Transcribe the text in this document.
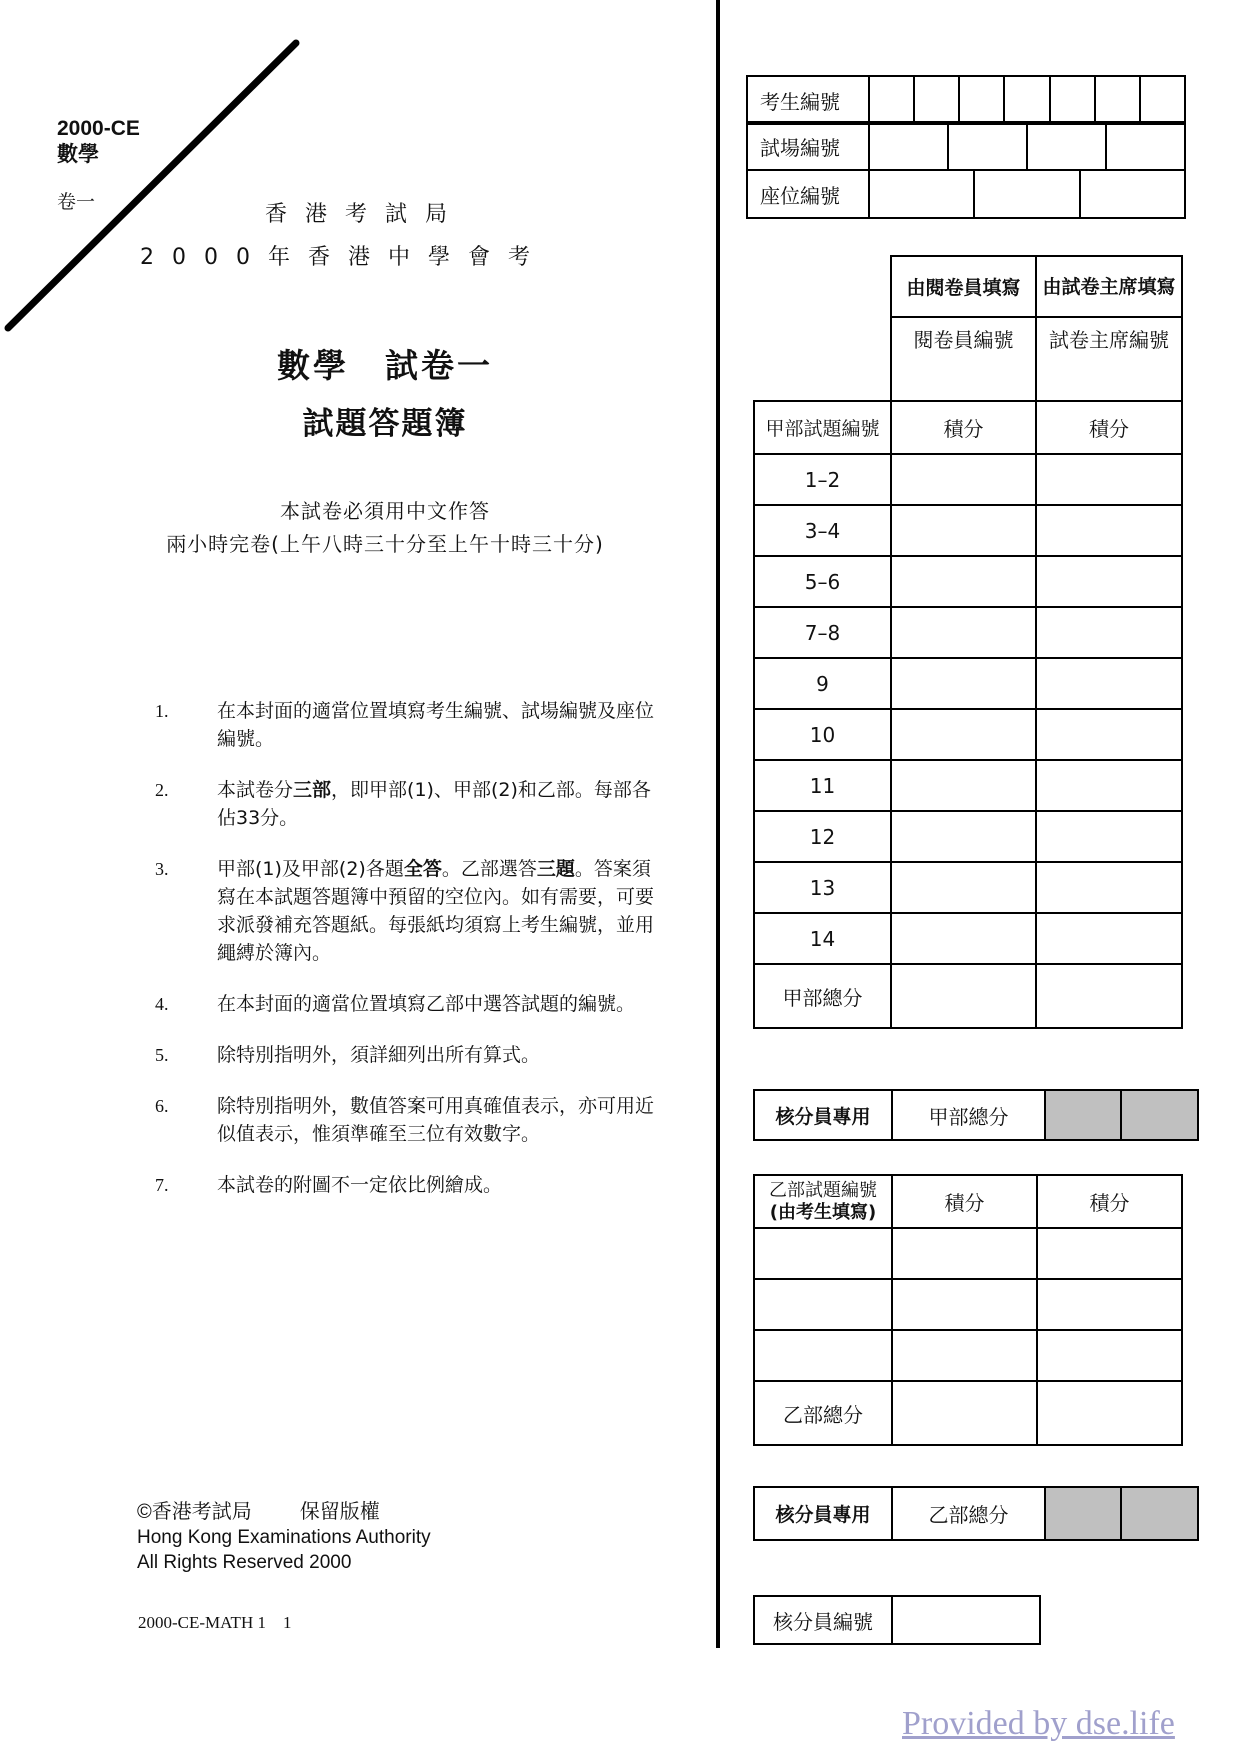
2000-CE
數學
卷一	香港考試局
2000年香港中學會考
數學　試卷一
試題答題簿
本試卷必須用中文作答
兩小時完卷(上午八時三十分至上午十時三十分)
1.	在本封面的適當位置填寫考生編號、試場編號及座位編號。
2.	本試卷分三部，即甲部(1)、甲部(2)和乙部。每部各佔33分。
3.	甲部(1)及甲部(2)各題全答。乙部選答三題。答案須寫在本試題答題簿中預留的空位內。如有需要，可要求派發補充答題紙。每張紙均須寫上考生編號，並用繩縛於簿內。
4.	在本封面的適當位置填寫乙部中選答試題的編號。
5.	除特別指明外，須詳細列出所有算式。
6.	除特別指明外，數值答案可用真確值表示，亦可用近似值表示，惟須準確至三位有效數字。
7.	本試卷的附圖不一定依比例繪成。
©香港考試局 保留版權
Hong Kong Examinations Authority
All Rights Reserved 2000
2000-CE-MATH 1　1
考生編號							
試場編號				
座位編號			
	由閱卷員填寫	由試卷主席填寫
	閱卷員編號	試卷主席編號
甲部試題編號	積分	積分
1–2		
3–4		
5–6		
7–8		
9		
10		
11		
12		
13		
14		
甲部總分		
核分員專用	甲部總分		
乙部試題編號
(由考生填寫)	積分	積分

乙部總分		
核分員專用	乙部總分		
核分員編號	
Provided by dse.life
